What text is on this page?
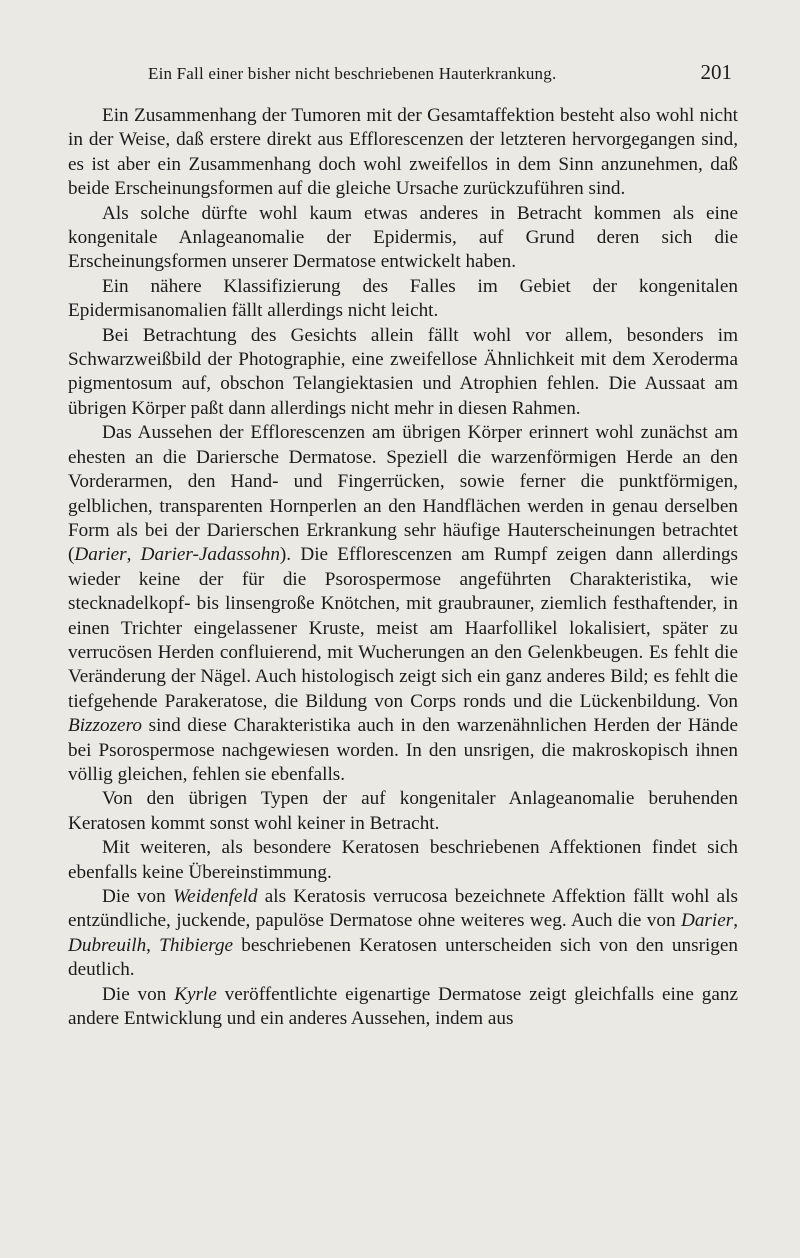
Ein Fall einer bisher nicht beschriebenen Hauterkrankung.	201

Ein Zusammenhang der Tumoren mit der Gesamtaffektion besteht also wohl nicht in der Weise, daß erstere direkt aus Efflorescenzen der letzteren hervorgegangen sind, es ist aber ein Zusammenhang doch wohl zweifellos in dem Sinn anzunehmen, daß beide Erscheinungsformen auf die gleiche Ursache zurückzuführen sind.

Als solche dürfte wohl kaum etwas anderes in Betracht kommen als eine kongenitale Anlageanomalie der Epidermis, auf Grund deren sich die Erscheinungsformen unserer Dermatose entwickelt haben.

Ein nähere Klassifizierung des Falles im Gebiet der kongenitalen Epidermisanomalien fällt allerdings nicht leicht.

Bei Betrachtung des Gesichts allein fällt wohl vor allem, besonders im Schwarzweißbild der Photographie, eine zweifellose Ähnlichkeit mit dem Xeroderma pigmentosum auf, obschon Telangiektasien und Atrophien fehlen. Die Aussaat am übrigen Körper paßt dann allerdings nicht mehr in diesen Rahmen.

Das Aussehen der Efflorescenzen am übrigen Körper erinnert wohl zunächst am ehesten an die Dariersche Dermatose. Speziell die warzenförmigen Herde an den Vorderarmen, den Hand- und Fingerrücken, sowie ferner die punktförmigen, gelblichen, transparenten Hornperlen an den Handflächen werden in genau derselben Form als bei der Darierschen Erkrankung sehr häufige Hauterscheinungen betrachtet (Darier, Darier-Jadassohn). Die Efflorescenzen am Rumpf zeigen dann allerdings wieder keine der für die Psorospermose angeführten Charakteristika, wie stecknadelkopf- bis linsengroße Knötchen, mit graubrauner, ziemlich festhaftender, in einen Trichter eingelassener Kruste, meist am Haarfollikel lokalisiert, später zu verrucösen Herden confluierend, mit Wucherungen an den Gelenkbeugen. Es fehlt die Veränderung der Nägel. Auch histologisch zeigt sich ein ganz anderes Bild; es fehlt die tiefgehende Parakeratose, die Bildung von Corps ronds und die Lückenbildung. Von Bizzozero sind diese Charakteristika auch in den warzenähnlichen Herden der Hände bei Psorospermose nachgewiesen worden. In den unsrigen, die makroskopisch ihnen völlig gleichen, fehlen sie ebenfalls.

Von den übrigen Typen der auf kongenitaler Anlageanomalie beruhenden Keratosen kommt sonst wohl keiner in Betracht.

Mit weiteren, als besondere Keratosen beschriebenen Affektionen findet sich ebenfalls keine Übereinstimmung.

Die von Weidenfeld als Keratosis verrucosa bezeichnete Affektion fällt wohl als entzündliche, juckende, papulöse Dermatose ohne weiteres weg. Auch die von Darier, Dubreuilh, Thibierge beschriebenen Keratosen unterscheiden sich von den unsrigen deutlich.

Die von Kyrle veröffentlichte eigenartige Dermatose zeigt gleichfalls eine ganz andere Entwicklung und ein anderes Aussehen, indem aus
